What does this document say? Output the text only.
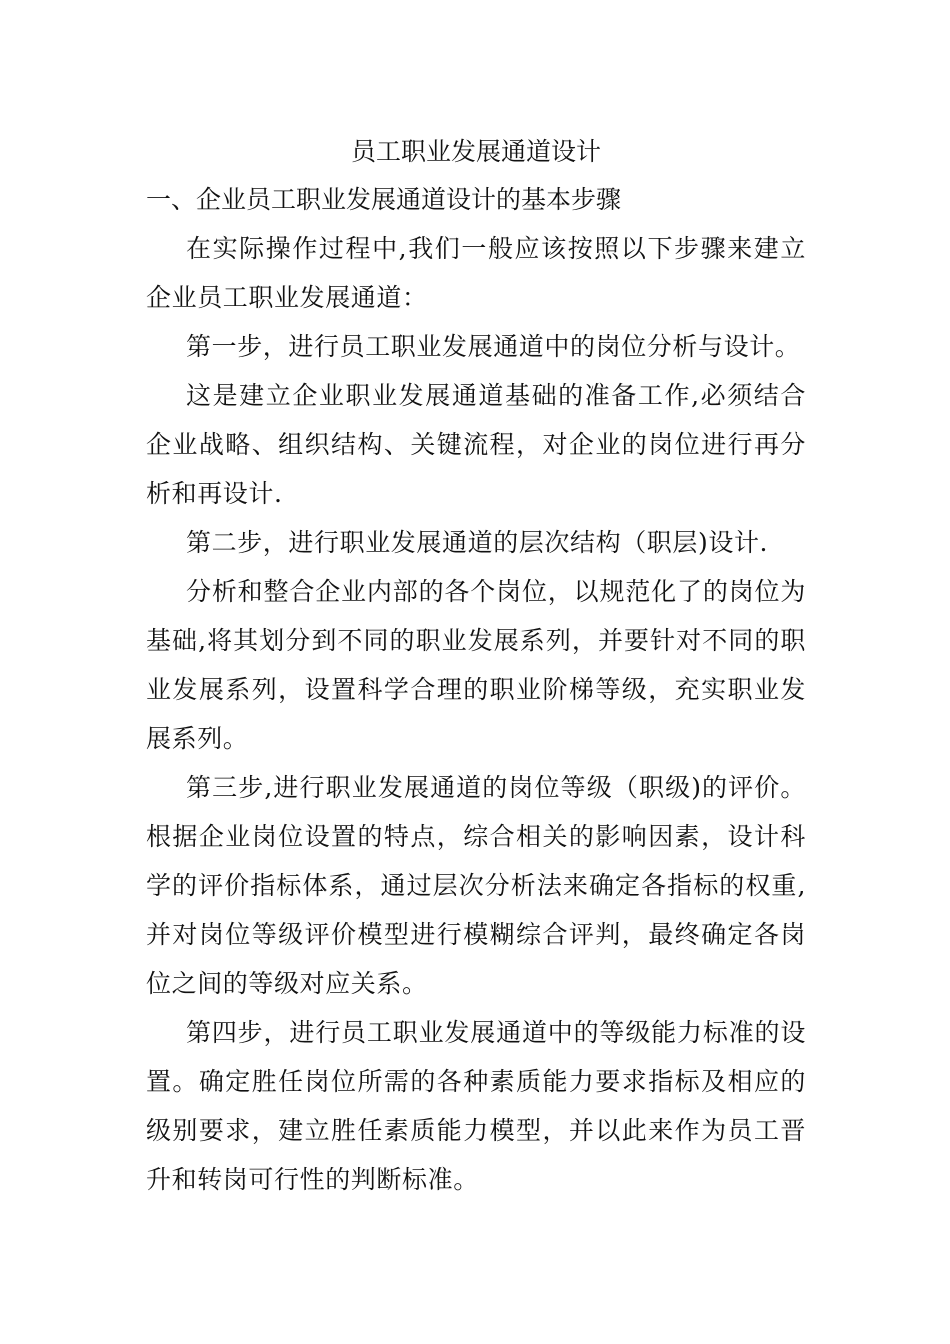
员工职业发展通道设计
一、企业员工职业发展通道设计的基本步骤

在实际操作过程中,我们一般应该按照以下步骤来建立企业员工职业发展通道：

第一步，进行员工职业发展通道中的岗位分析与设计。

这是建立企业职业发展通道基础的准备工作,必须结合企业战略、组织结构、关键流程，对企业的岗位进行再分析和再设计.

第二步，进行职业发展通道的层次结构（职层)设计.

分析和整合企业内部的各个岗位，以规范化了的岗位为基础,将其划分到不同的职业发展系列，并要针对不同的职业发展系列，设置科学合理的职业阶梯等级，充实职业发展系列。

第三步,进行职业发展通道的岗位等级（职级)的评价。根据企业岗位设置的特点，综合相关的影响因素，设计科学的评价指标体系，通过层次分析法来确定各指标的权重,并对岗位等级评价模型进行模糊综合评判，最终确定各岗位之间的等级对应关系。

第四步，进行员工职业发展通道中的等级能力标准的设置。确定胜任岗位所需的各种素质能力要求指标及相应的级别要求，建立胜任素质能力模型，并以此来作为员工晋升和转岗可行性的判断标准。
